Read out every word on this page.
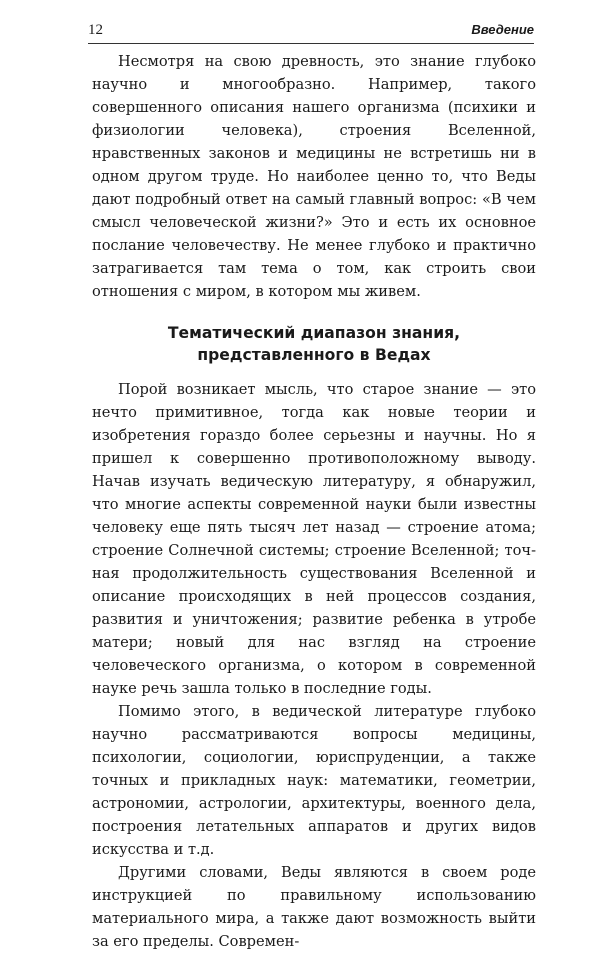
12	Введение

Несмотря на свою древность, это знание глубоко научно и многообразно. Например, такого совершенного описания нашего организма (психики и физиологии человека), строения Вселенной, нравственных законов и медицины не встретишь ни в одном другом труде. Но наиболее ценно то, что Веды дают подробный ответ на самый главный вопрос: «В чем смысл человеческой жизни?» Это и есть их основное послание человечеству. Не менее глубоко и практично затрагивается там тема о том, как строить свои отношения с миром, в котором мы живем.

Тематический диапазон знания,
представленного в Ведах

Порой возникает мысль, что старое знание — это нечто примитивное, тогда как новые теории и изобретения гораздо более серьезны и научны. Но я пришел к совершенно противоположному выводу. Начав изучать ведическую литературу, я обнаружил, что многие аспекты современной науки были известны человеку еще пять тысяч лет назад — строение атома; строение Солнечной системы; строение Вселенной; точная продолжительность существования Вселенной и описание происходящих в ней процессов создания, развития и уничтожения; развитие ребенка в утробе матери; новый для нас взгляд на строение человеческого организма, о котором в современной науке речь зашла только в последние годы.

Помимо этого, в ведической литературе глубоко научно рассматриваются вопросы медицины, психологии, социологии, юриспруденции, а также точных и прикладных наук: математики, геометрии, астрономии, астрологии, архитектуры, военного дела, построения летательных аппаратов и других видов искусства и т.д.

Другими словами, Веды являются в своем роде инструкцией по правильному использованию материального мира, а также дают возможность выйти за его пределы. Современ-
